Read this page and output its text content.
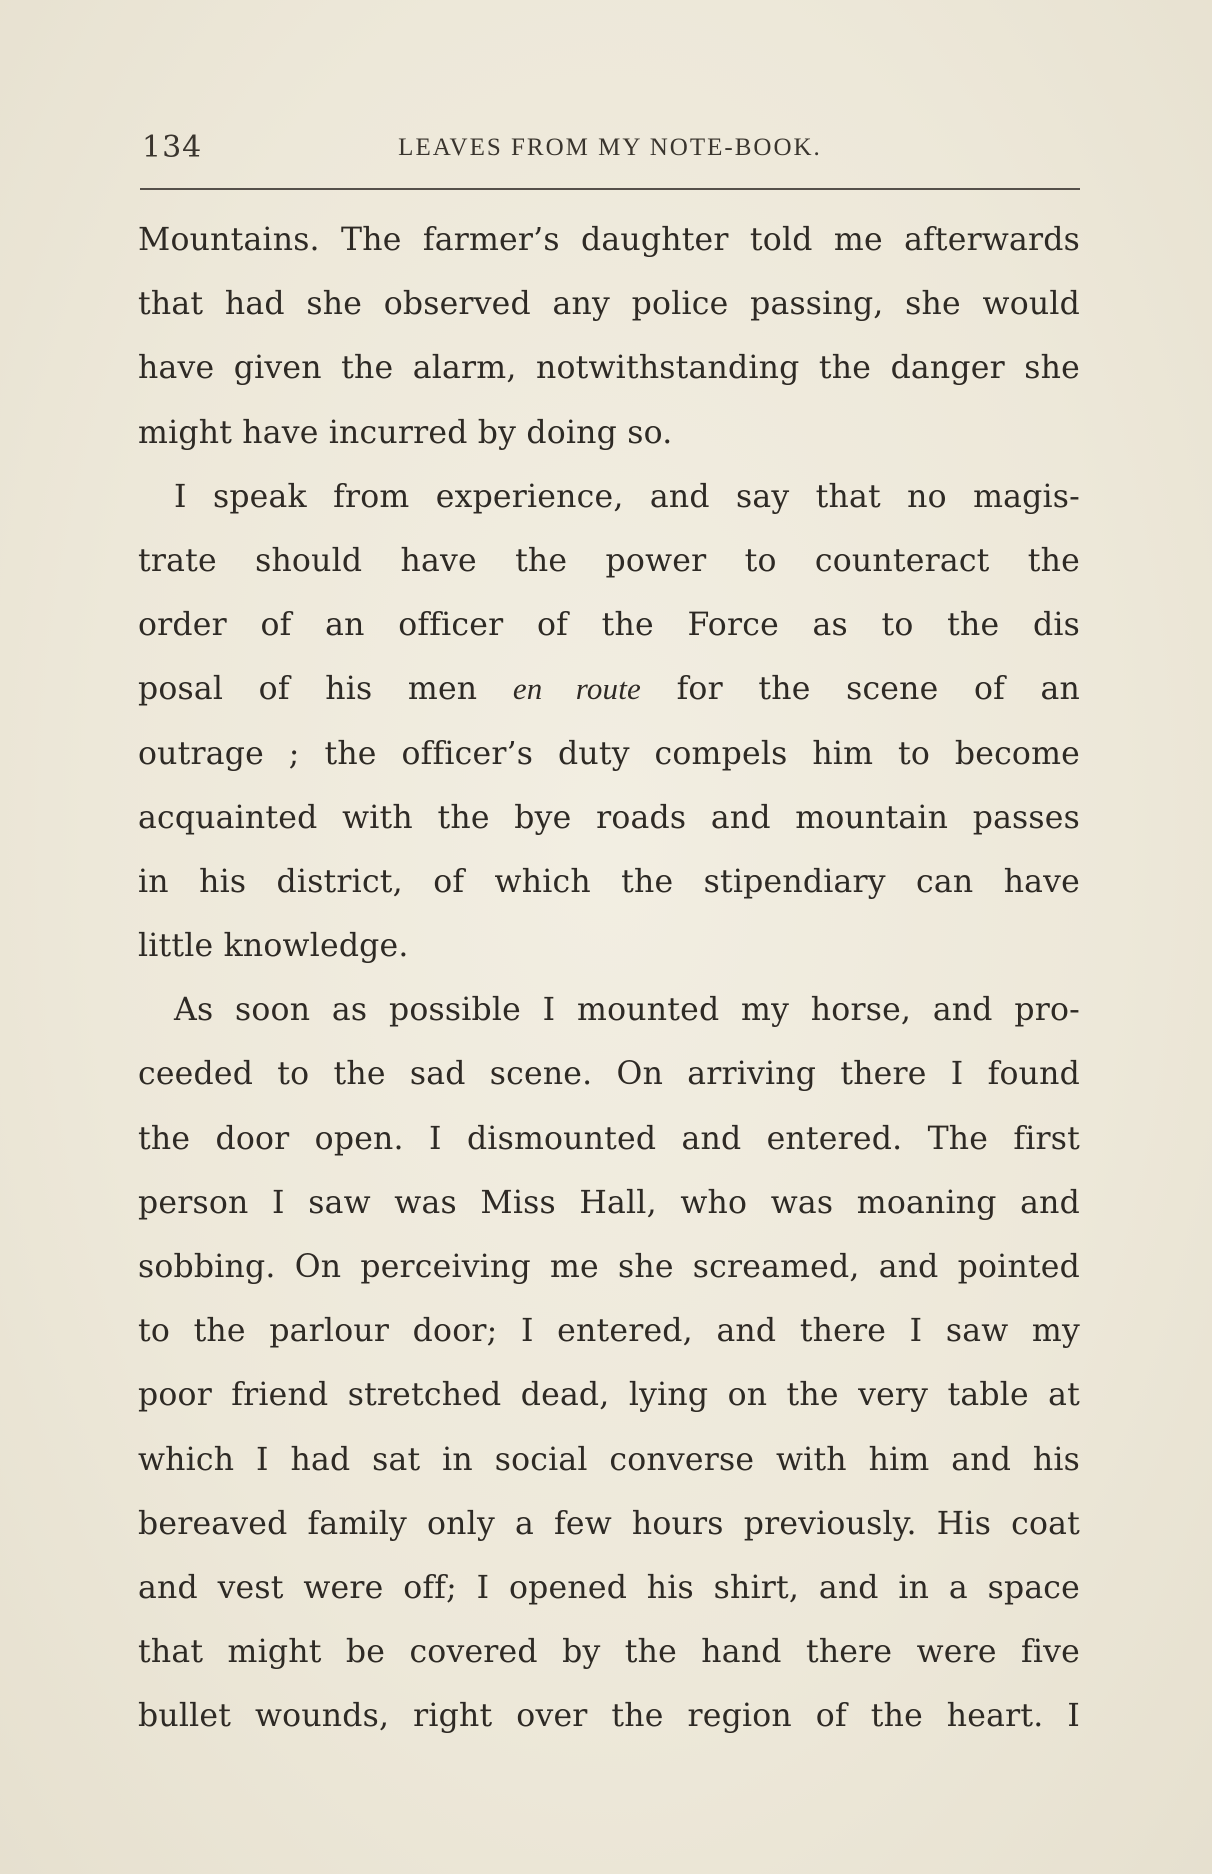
134	LEAVES FROM MY NOTE-BOOK.
Mountains. The farmer’s daughter told me afterwards
that had she observed any police passing, she would
have given the alarm, notwithstanding the danger she
might have incurred by doing so.
I speak from experience, and say that no magis-
trate should have the power to counteract the
order of an officer of the Force as to the dis
posal of his men en route for the scene of an
outrage ; the officer’s duty compels him to become
acquainted with the bye roads and mountain passes
in his district, of which the stipendiary can have
little knowledge.
As soon as possible I mounted my horse, and pro-
ceeded to the sad scene. On arriving there I found
the door open. I dismounted and entered. The first
person I saw was Miss Hall, who was moaning and
sobbing. On perceiving me she screamed, and pointed
to the parlour door; I entered, and there I saw my
poor friend stretched dead, lying on the very table at
which I had sat in social converse with him and his
bereaved family only a few hours previously. His coat
and vest were off; I opened his shirt, and in a space
that might be covered by the hand there were five
bullet wounds, right over the region of the heart. I
